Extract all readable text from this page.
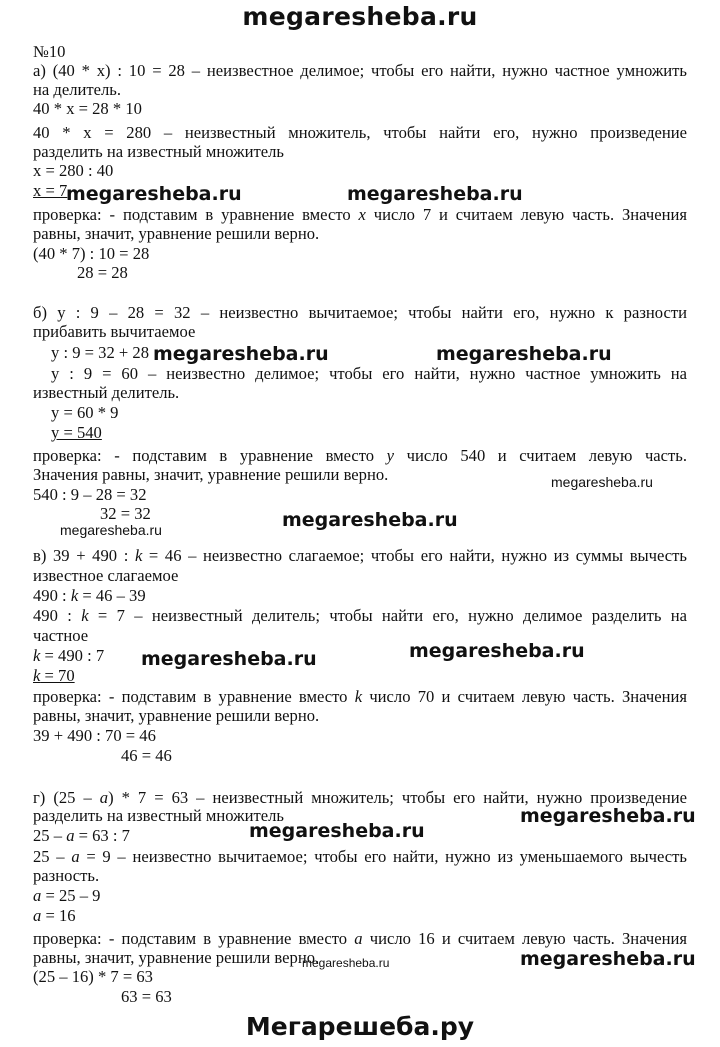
megaresheba.ru
№10
а) (40 * x) : 10 = 28 – неизвестное делимое; чтобы его найти, нужно частное умножить
на делитель.
40 * x = 28 * 10
40 * x = 280 – неизвестный множитель, чтобы найти его, нужно произведение
разделить на известный множитель
x = 280 : 40
x = 7
проверка: - подставим в уравнение вместо x число 7 и считаем левую часть. Значения
равны, значит, уравнение решили верно.
(40 * 7) : 10 = 28
28 = 28
б) y : 9 – 28 = 32 – неизвестно вычитаемое; чтобы найти его, нужно к разности
прибавить вычитаемое
y : 9 = 32 + 28
y : 9 = 60 – неизвестно делимое; чтобы его найти, нужно частное умножить на
известный делитель.
y = 60 * 9
y = 540
проверка: - подставим в уравнение вместо y число 540 и считаем левую часть.
Значения равны, значит, уравнение решили верно.
540 : 9 – 28 = 32
32 = 32
в) 39 + 490 : k = 46 – неизвестно слагаемое; чтобы его найти, нужно из суммы вычесть
известное слагаемое
490 : k = 46 – 39
490 : k = 7 – неизвестный делитель; чтобы найти его, нужно делимое разделить на
частное
k = 490 : 7
k = 70
проверка: - подставим в уравнение вместо k число 70 и считаем левую часть. Значения
равны, значит, уравнение решили верно.
39 + 490 : 70 = 46
46 = 46
г) (25 – a) * 7 = 63 – неизвестный множитель; чтобы его найти, нужно произведение
разделить на известный множитель
25 – a = 63 : 7
25 – a = 9 – неизвестно вычитаемое; чтобы его найти, нужно из уменьшаемого вычесть
разность.
a = 25 – 9
a = 16
проверка: - подставим в уравнение вместо a число 16 и считаем левую часть. Значения
равны, значит, уравнение решили верно.
(25 – 16) * 7 = 63
63 = 63
megaresheba.ru	megaresheba.ru
megaresheba.ru	megaresheba.ru
megaresheba.ru
megaresheba.ru	megaresheba.ru
megaresheba.ru	megaresheba.ru
megaresheba.ru
megaresheba.ru
megaresheba.ru	megaresheba.ru
Мегарешеба.ру
